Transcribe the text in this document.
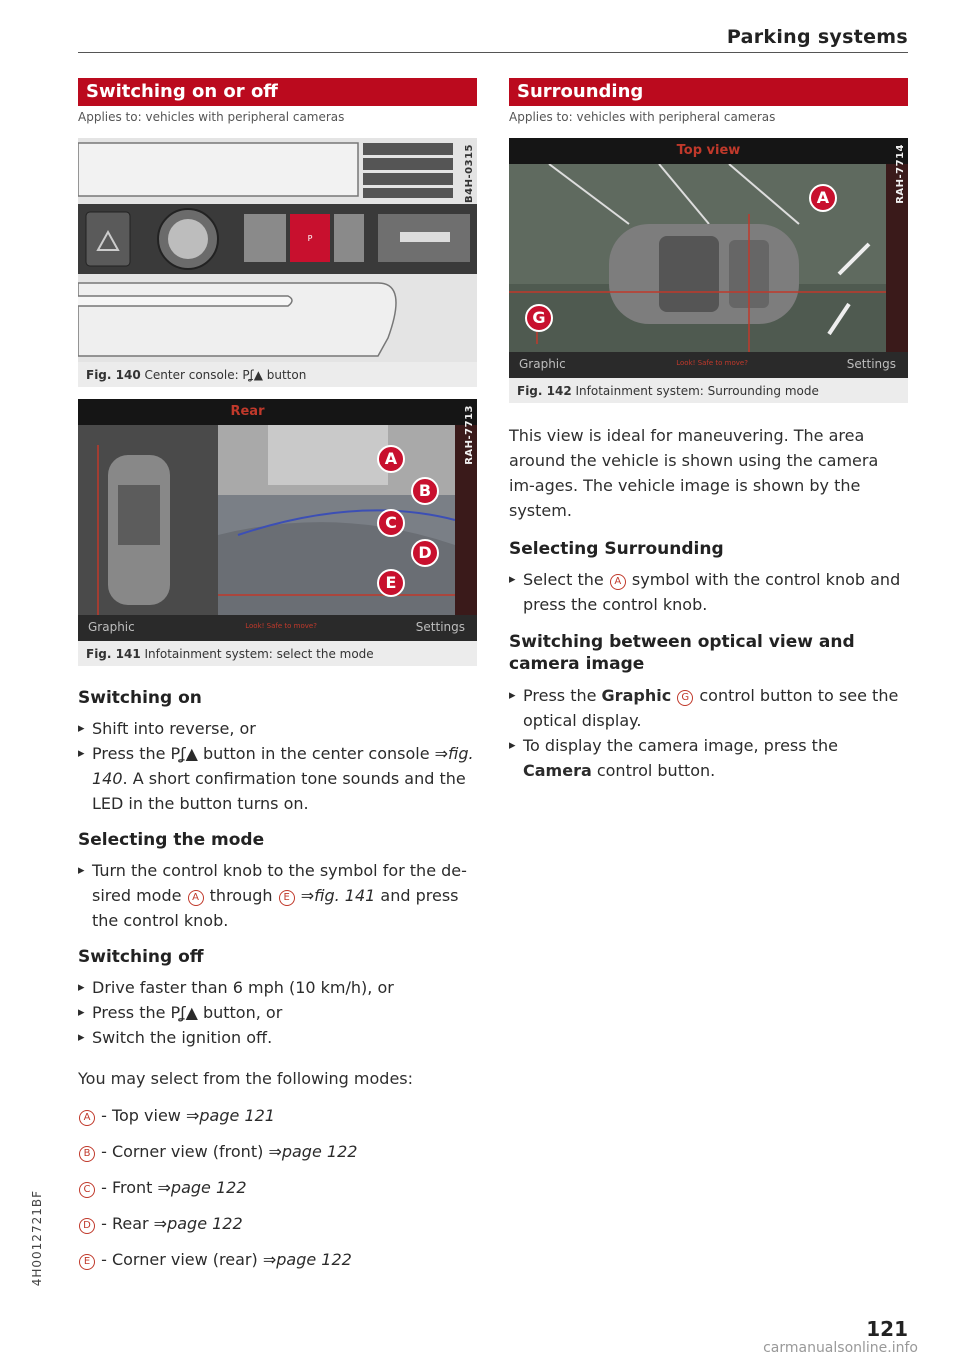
Parking systems
Switching on or off
Applies to: vehicles with peripheral cameras
P
B4H-0315
Fig. 140 Center console: Pʆ▲ button
Rear
A
B
C
D
E
Graphic	Look! Safe to move?	Settings
RAH-7713
Fig. 141 Infotainment system: select the mode
Switching on
▸ Shift into reverse, or
▸ Press the Pʆ▲ button in the center console ⇒fig. 140. A short confirmation tone sounds and the LED in the button turns on.
Selecting the mode
▸ Turn the control knob to the symbol for the de-sired mode A through E ⇒fig. 141 and press the control knob.
Switching off
▸ Drive faster than 6 mph (10 km/h), or
▸ Press the Pʆ▲ button, or
▸ Switch the ignition off.
You may select from the following modes:
A - Top view ⇒page 121
B - Corner view (front) ⇒page 122
C - Front ⇒page 122
D - Rear ⇒page 122
E - Corner view (rear) ⇒page 122
Surrounding
Applies to: vehicles with peripheral cameras
Top view
A
G
Graphic	Look! Safe to move?	Settings
RAH-7714
Fig. 142 Infotainment system: Surrounding mode
This view is ideal for maneuvering. The area around the vehicle is shown using the camera im-ages. The vehicle image is shown by the system.
Selecting Surrounding
▸ Select the A symbol with the control knob and press the control knob.
Switching between optical view and camera image
▸ Press the Graphic G control button to see the optical display.
▸ To display the camera image, press the Camera control button.
4H0012721BF
121
carmanualsonline.info
